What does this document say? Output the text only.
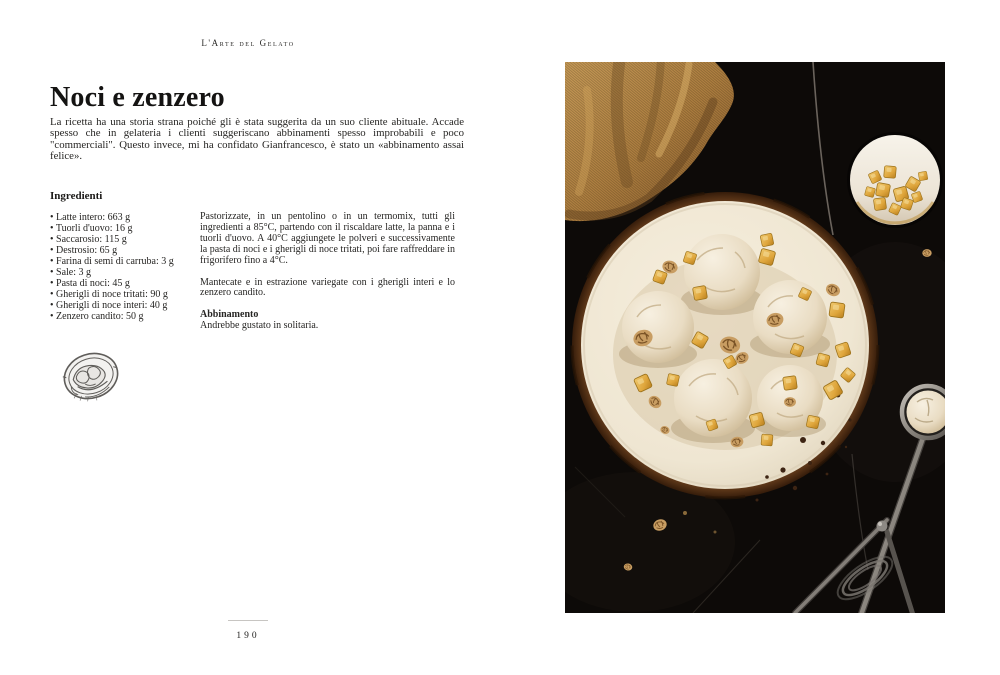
L'Arte del Gelato
Noci e zenzero

La ricetta ha una storia strana poiché gli è stata suggerita da un suo cliente abituale. Accade spesso che in gelateria i clienti suggeriscano abbinamenti spesso improbabili e poco "commerciali". Questo invece, mi ha confidato Gianfrancesco, è stato un «abbinamento assai felice».

Ingredienti
• Latte intero: 663 g
• Tuorli d'uovo: 16 g
• Saccarosio: 115 g
• Destrosio: 65 g
• Farina di semi di carruba: 3 g
• Sale: 3 g
• Pasta di noci: 45 g
• Gherigli di noce tritati: 90 g
• Gherigli di noce interi: 40 g
• Zenzero candito: 50 g

Pastorizzate, in un pentolino o in un termomix, tutti gli ingredienti a 85°C, partendo con il riscaldare latte, la panna e i tuorli d'uovo. A 40°C aggiungete le polveri e successivamente la pasta di noci e i gherigli di noce tritati, poi fare raffreddare in frigorifero fino a 4°C.

Mantecate e in estrazione variegate con i gherigli interi e lo zenzero candito.

Abbinamento

Andrebbe gustato in solitaria.

190
